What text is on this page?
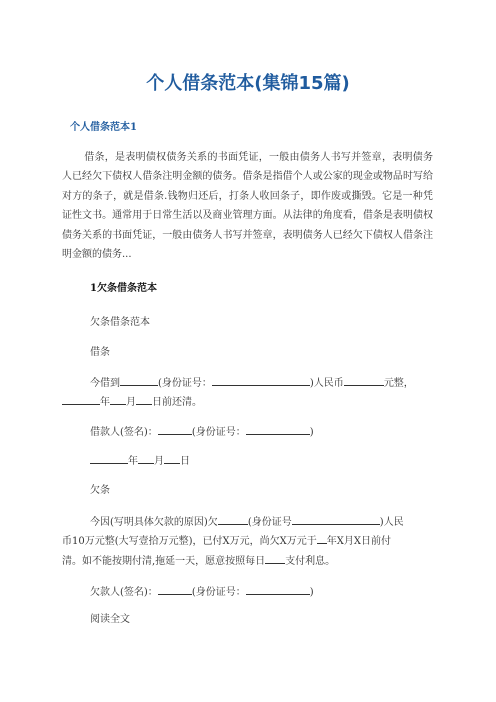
个人借条范本(集锦15篇)
个人借条范本1
借条，是表明债权债务关系的书面凭证，一般由债务人书写并签章，表明债务人已经欠下债权人借条注明金额的债务。借条是指借个人或公家的现金或物品时写给对方的条子，就是借条.钱物归还后，打条人收回条子，即作废或撕毁。它是一种凭证性文书。通常用于日常生活以及商业管理方面。从法律的角度看，借条是表明债权债务关系的书面凭证，一般由债务人书写并签章，表明债务人已经欠下债权人借条注明金额的债务...
1欠条借条范本
欠条借条范本
借条
今借到	(身份证号：	)人民币	元整，
年 月 日前还清。
借款人(签名)：	(身份证号：	)
年 月 日
欠条
今因(写明具体欠款的原因)欠	(身份证号	)人民
币10万元整(大写壹拾万元整)，已付X万元，尚欠X万元于 年X月X日前付
清。如不能按期付清,拖延一天，愿意按照每日 支付利息。
欠款人(签名)：	(身份证号：	)
阅读全文
